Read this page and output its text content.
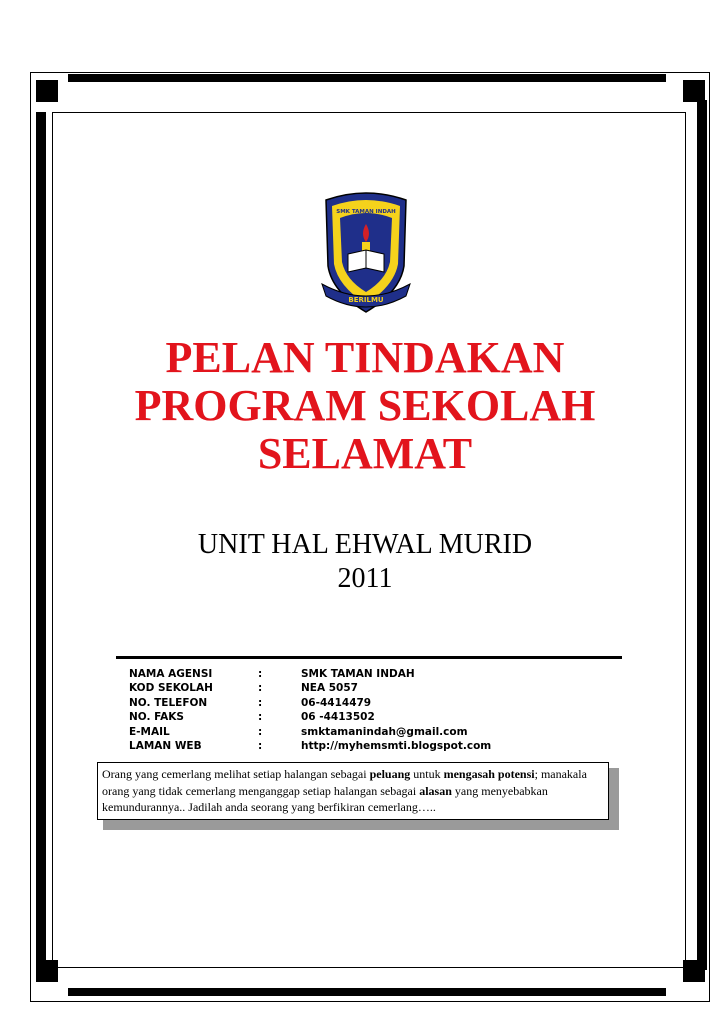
BERILMU
SMK TAMAN INDAH
PELAN TINDAKAN
PROGRAM SEKOLAH
SELAMAT
UNIT HAL EHWAL MURID
2011
NAMA AGENSI	:	SMK TAMAN INDAH
KOD SEKOLAH	:	NEA 5057
NO. TELEFON	:	06-4414479
NO. FAKS	:	06 -4413502
E-MAIL	:	smktamanindah@gmail.com
LAMAN WEB	:	http://myhemsmti.blogspot.com
Orang yang cemerlang melihat setiap halangan sebagai peluang untuk mengasah potensi; manakala orang yang tidak cemerlang menganggap setiap halangan sebagai alasan yang menyebabkan kemundurannya.. Jadilah anda seorang yang berfikiran cemerlang…..
